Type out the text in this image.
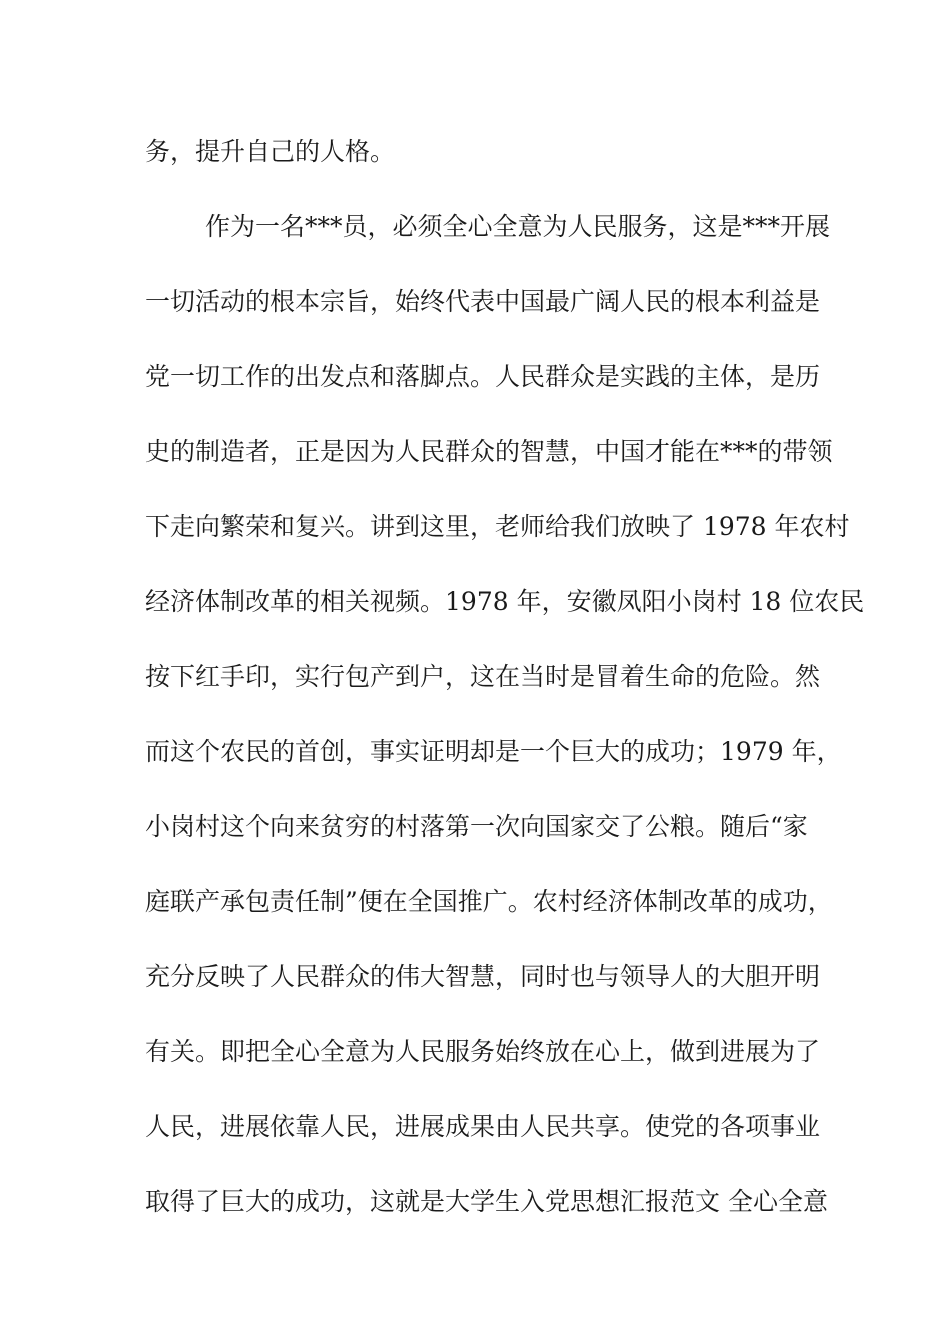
务，提升自己的人格。
作为一名***员，必须全心全意为人民服务，这是***开展
一切活动的根本宗旨，始终代表中国最广阔人民的根本利益是
党一切工作的出发点和落脚点。人民群众是实践的主体，是历
史的制造者，正是因为人民群众的智慧，中国才能在***的带领
下走向繁荣和复兴。讲到这里，老师给我们放映了 1978 年农村
经济体制改革的相关视频。1978 年，安徽凤阳小岗村 18 位农民
按下红手印，实行包产到户，这在当时是冒着生命的危险。然
而这个农民的首创，事实证明却是一个巨大的成功；1979 年，
小岗村这个向来贫穷的村落第一次向国家交了公粮。随后“家
庭联产承包责任制”便在全国推广。农村经济体制改革的成功，
充分反映了人民群众的伟大智慧，同时也与领导人的大胆开明
有关。即把全心全意为人民服务始终放在心上，做到进展为了
人民，进展依靠人民，进展成果由人民共享。使党的各项事业
取得了巨大的成功，这就是大学生入党思想汇报范文 全心全意
